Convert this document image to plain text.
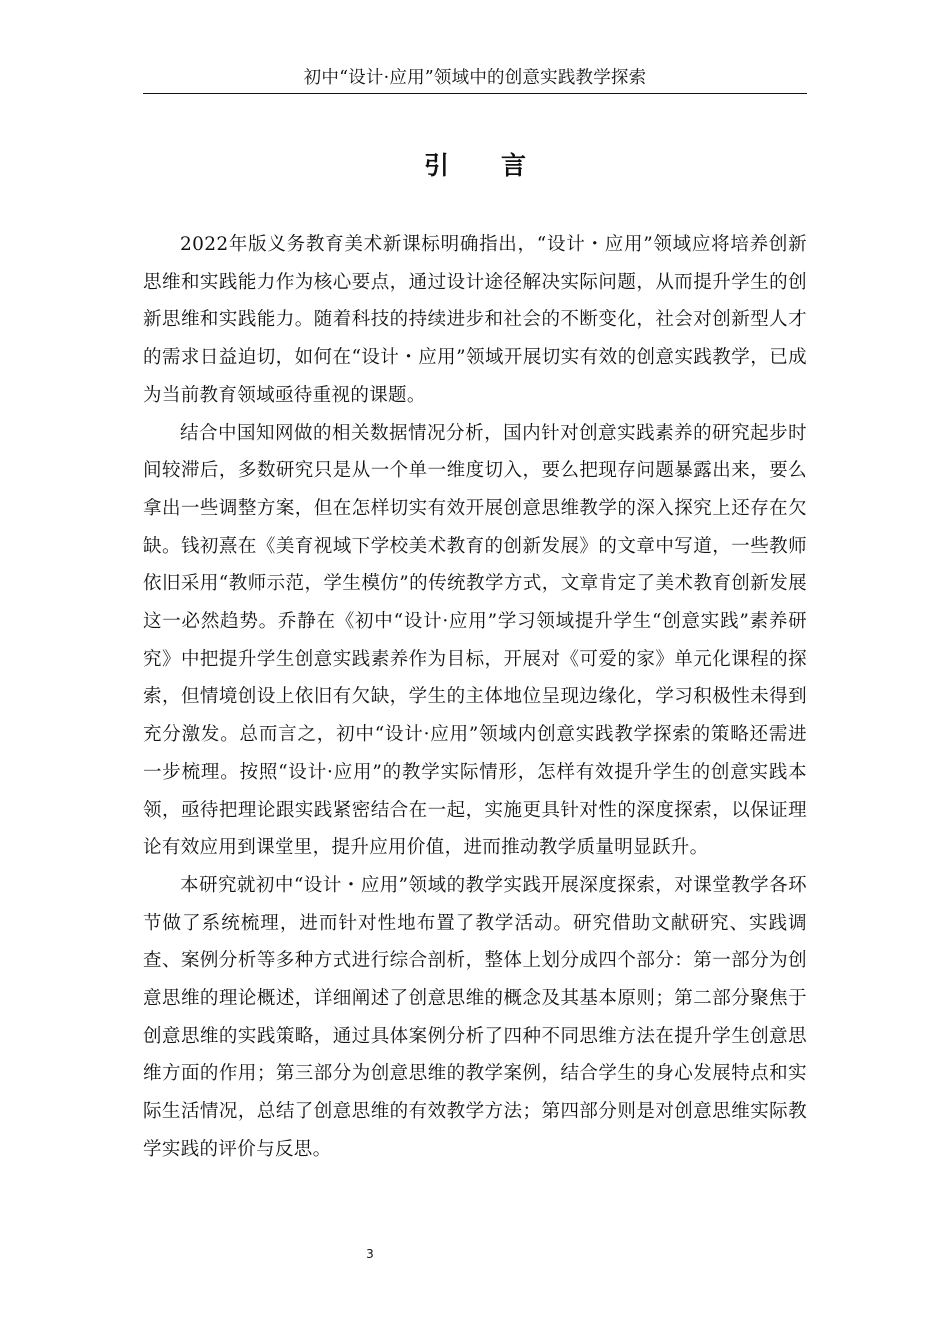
初中“设计·应用”领域中的创意实践教学探索
引言

2022年版义务教育美术新课标明确指出，“设计・应用”领域应将培养创新思维和实践能力作为核心要点，通过设计途径解决实际问题，从而提升学生的创新思维和实践能力。随着科技的持续进步和社会的不断变化，社会对创新型人才的需求日益迫切，如何在“设计・应用”领域开展切实有效的创意实践教学，已成为当前教育领域亟待重视的课题。

结合中国知网做的相关数据情况分析，国内针对创意实践素养的研究起步时间较滞后，多数研究只是从一个单一维度切入，要么把现存问题暴露出来，要么拿出一些调整方案，但在怎样切实有效开展创意思维教学的深入探究上还存在欠缺。钱初熹在《美育视域下学校美术教育的创新发展》的文章中写道，一些教师依旧采用“教师示范，学生模仿”的传统教学方式，文章肯定了美术教育创新发展这一必然趋势。乔静在《初中“设计·应用”学习领域提升学生“创意实践”素养研究》中把提升学生创意实践素养作为目标，开展对《可爱的家》单元化课程的探索，但情境创设上依旧有欠缺，学生的主体地位呈现边缘化，学习积极性未得到充分激发。总而言之，初中“设计·应用”领域内创意实践教学探索的策略还需进一步梳理。按照“设计·应用”的教学实际情形，怎样有效提升学生的创意实践本领，亟待把理论跟实践紧密结合在一起，实施更具针对性的深度探索，以保证理论有效应用到课堂里，提升应用价值，进而推动教学质量明显跃升。

本研究就初中“设计・应用”领域的教学实践开展深度探索，对课堂教学各环节做了系统梳理，进而针对性地布置了教学活动。研究借助文献研究、实践调查、案例分析等多种方式进行综合剖析，整体上划分成四个部分：第一部分为创意思维的理论概述，详细阐述了创意思维的概念及其基本原则；第二部分聚焦于创意思维的实践策略，通过具体案例分析了四种不同思维方法在提升学生创意思维方面的作用；第三部分为创意思维的教学案例，结合学生的身心发展特点和实际生活情况，总结了创意思维的有效教学方法；第四部分则是对创意思维实际教学实践的评价与反思。

3
